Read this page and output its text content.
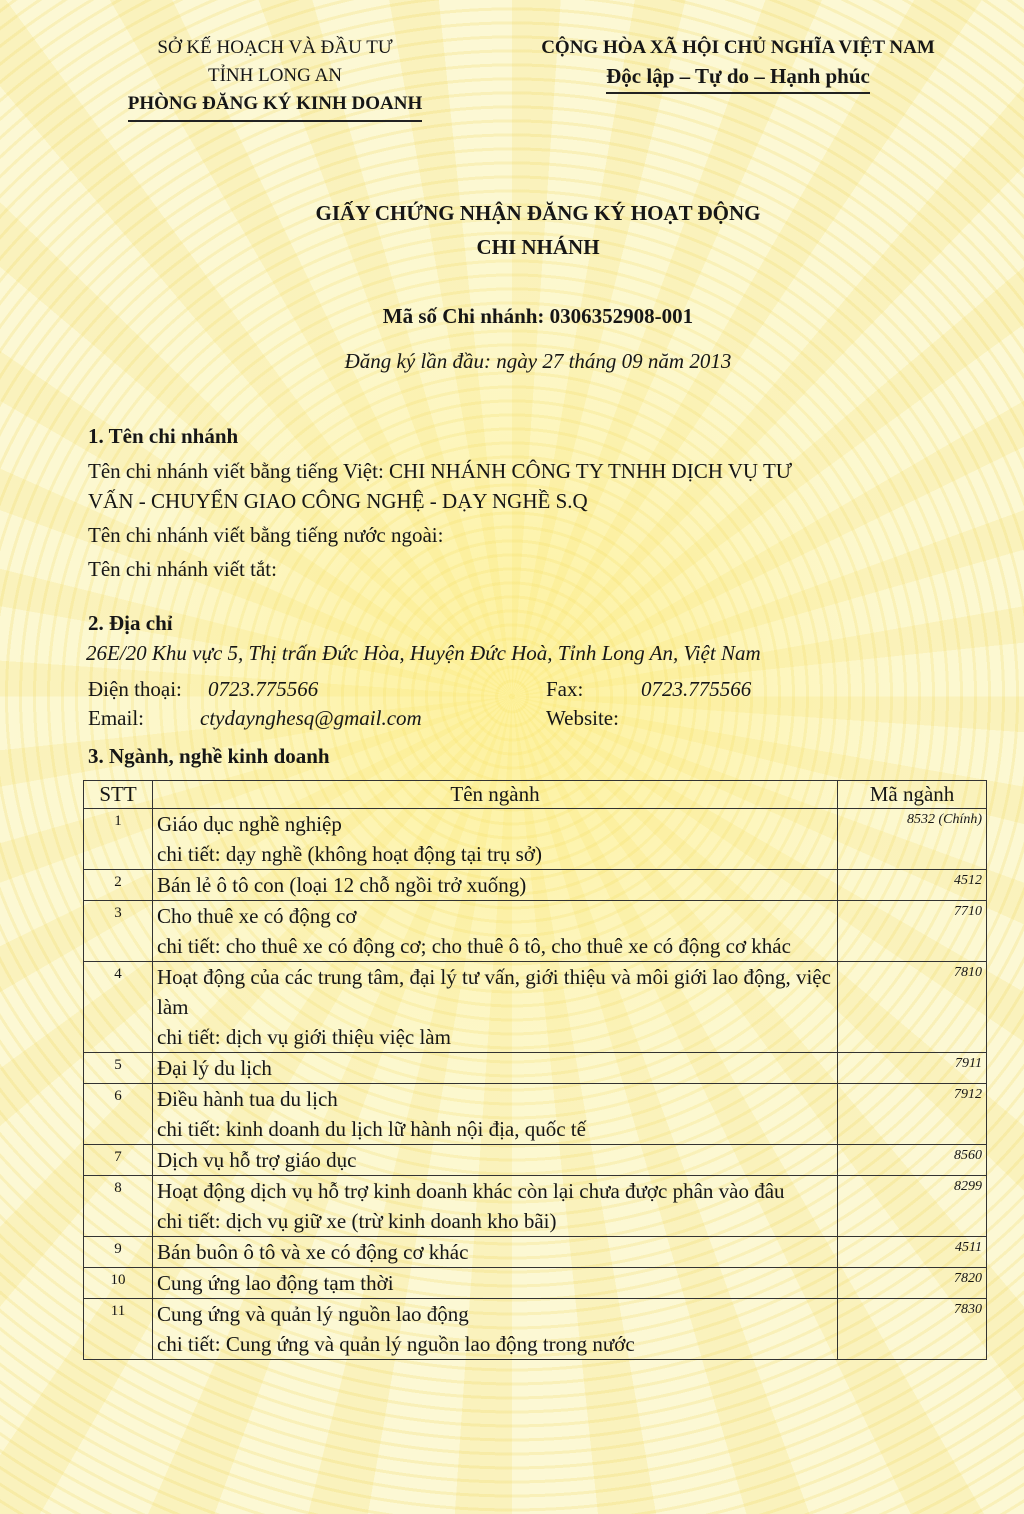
SỞ KẾ HOẠCH VÀ ĐẦU TƯ
TỈNH LONG AN
PHÒNG ĐĂNG KÝ KINH DOANH
CỘNG HÒA XÃ HỘI CHỦ NGHĨA VIỆT NAM
Độc lập – Tự do – Hạnh phúc
GIẤY CHỨNG NHẬN ĐĂNG KÝ HOẠT ĐỘNG
CHI NHÁNH
Mã số Chi nhánh: 0306352908-001
Đăng ký lần đầu: ngày 27 tháng 09 năm 2013
1. Tên chi nhánh
Tên chi nhánh viết bằng tiếng Việt: CHI NHÁNH CÔNG TY TNHH DỊCH VỤ TƯ
VẤN - CHUYỂN GIAO CÔNG NGHỆ - DẠY NGHỀ S.Q
Tên chi nhánh viết bằng tiếng nước ngoài:
Tên chi nhánh viết tắt:
2. Địa chỉ
26E/20 Khu vực 5, Thị trấn Đức Hòa, Huyện Đức Hoà, Tỉnh Long An, Việt Nam
Điện thoại: 0723.775566	Fax:	0723.775566
Email:	ctydaynghesq@gmail.com	Website:
3. Ngành, nghề kinh doanh
STT	Tên ngành	Mã ngành
1	Giáo dục nghề nghiệp
chi tiết: dạy nghề (không hoạt động tại trụ sở)	8532 (Chính)
2	Bán lẻ ô tô con (loại 12 chỗ ngồi trở xuống)	4512
3	Cho thuê xe có động cơ
chi tiết: cho thuê xe có động cơ; cho thuê ô tô, cho thuê xe có động cơ khác	7710
4	Hoạt động của các trung tâm, đại lý tư vấn, giới thiệu và môi giới lao động, việc làm
chi tiết: dịch vụ giới thiệu việc làm	7810
5	Đại lý du lịch	7911
6	Điều hành tua du lịch
chi tiết: kinh doanh du lịch lữ hành nội địa, quốc tế	7912
7	Dịch vụ hỗ trợ giáo dục	8560
8	Hoạt động dịch vụ hỗ trợ kinh doanh khác còn lại chưa được phân vào đâu
chi tiết: dịch vụ giữ xe (trừ kinh doanh kho bãi)	8299
9	Bán buôn ô tô và xe có động cơ khác	4511
10	Cung ứng lao động tạm thời	7820
11	Cung ứng và quản lý nguồn lao động
chi tiết: Cung ứng và quản lý nguồn lao động trong nước	7830
